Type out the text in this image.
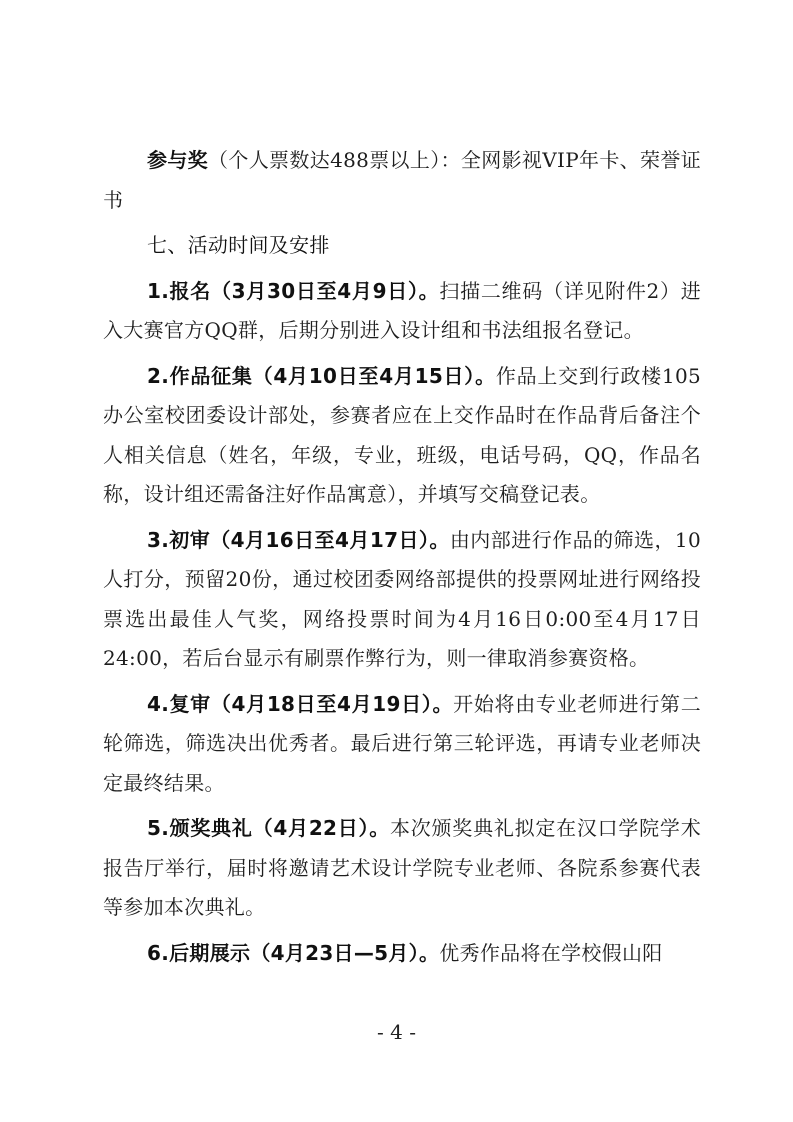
参与奖（个人票数达488票以上）：全网影视VIP年卡、荣誉证书

七、活动时间及安排

1.报名（3月30日至4月9日）。扫描二维码（详见附件2）进入大赛官方QQ群，后期分别进入设计组和书法组报名登记。

2.作品征集（4月10日至4月15日）。作品上交到行政楼105办公室校团委设计部处，参赛者应在上交作品时在作品背后备注个人相关信息（姓名，年级，专业，班级，电话号码，QQ，作品名称，设计组还需备注好作品寓意），并填写交稿登记表。

3.初审（4月16日至4月17日）。由内部进行作品的筛选，10人打分，预留20份，通过校团委网络部提供的投票网址进行网络投票选出最佳人气奖，网络投票时间为4月16日0:00至4月17日24:00，若后台显示有刷票作弊行为，则一律取消参赛资格。

4.复审（4月18日至4月19日）。开始将由专业老师进行第二轮筛选，筛选决出优秀者。最后进行第三轮评选，再请专业老师决定最终结果。

5.颁奖典礼（4月22日）。本次颁奖典礼拟定在汉口学院学术报告厅举行，届时将邀请艺术设计学院专业老师、各院系参赛代表等参加本次典礼。

6.后期展示（4月23日—5月）。优秀作品将在学校假山阳

- 4 -
